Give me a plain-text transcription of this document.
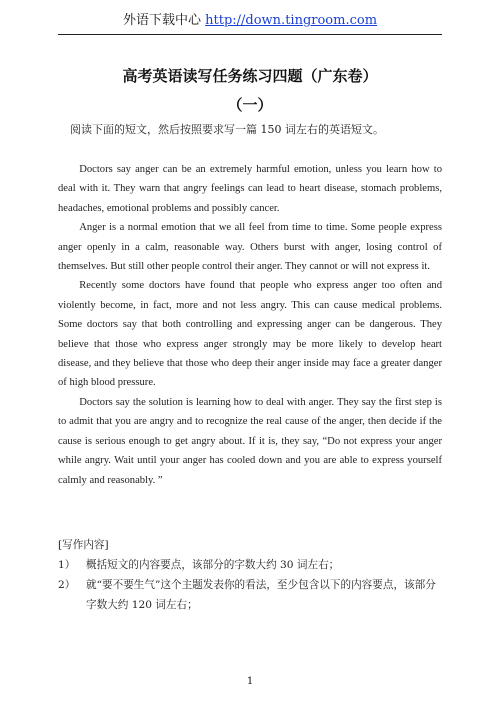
外语下载中心 http://down.tingroom.com
高考英语读写任务练习四题（广东卷）
（一）
阅读下面的短文，然后按照要求写一篇 150 词左右的英语短文。

Doctors say anger can be an extremely harmful emotion, unless you learn how to deal with it. They warn that angry feelings can lead to heart disease, stomach problems, headaches, emotional problems and possibly cancer.

Anger is a normal emotion that we all feel from time to time. Some people express anger openly in a calm, reasonable way. Others burst with anger, losing control of themselves. But still other people control their anger. They cannot or will not express it.

Recently some doctors have found that people who express anger too often and violently become, in fact, more and not less angry. This can cause medical problems. Some doctors say that both controlling and expressing anger can be dangerous. They believe that those who express anger strongly may be more likely to develop heart disease, and they believe that those who deep their anger inside may face a greater danger of high blood pressure.

Doctors say the solution is learning how to deal with anger. They say the first step is to admit that you are angry and to recognize the real cause of the anger, then decide if the cause is serious enough to get angry about. If it is, they say, “Do not express your anger while angry. Wait until your anger has cooled down and you are able to express yourself calmly and reasonably. ”

[写作内容]
1）	概括短文的内容要点，该部分的字数大约 30 词左右；
2）	就“要不要生气”这个主题发表你的看法，至少包含以下的内容要点，该部分字数大约 120 词左右；
1
